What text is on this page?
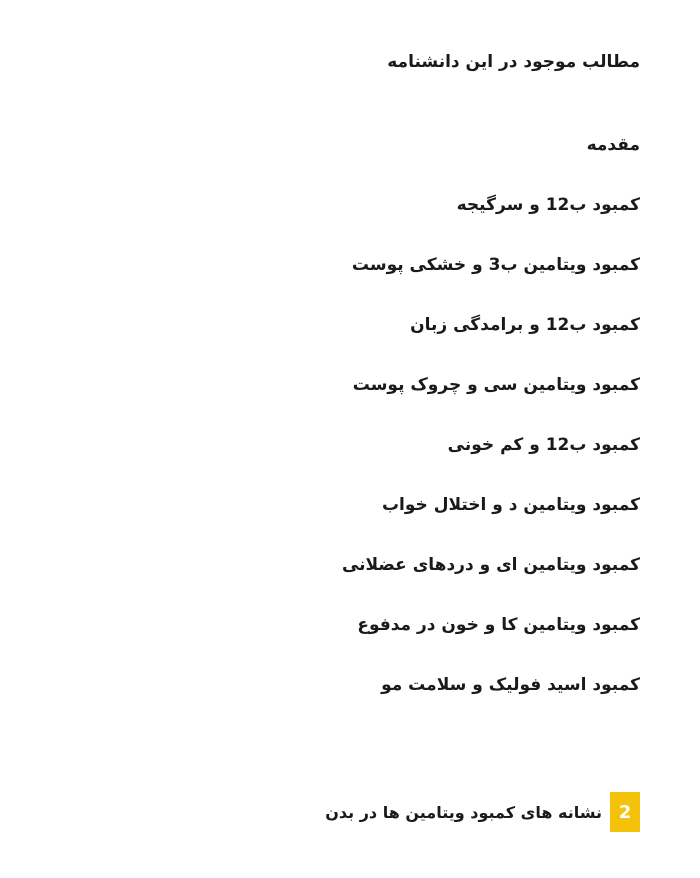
مطالب موجود در این دانشنامه
مقدمه
کمبود ب12 و سرگیجه
کمبود ویتامین ب3 و خشکی پوست
کمبود ب12 و برامدگی زبان
کمبود ویتامین سی و چروک پوست
کمبود ب12 و کم خونی
کمبود ویتامین د و اختلال خواب
کمبود ویتامین ای و دردهای عضلانی
کمبود ویتامین کا و خون در مدفوع
کمبود اسید فولیک و سلامت مو
2
نشانه های کمبود ویتامین ها در بدن
